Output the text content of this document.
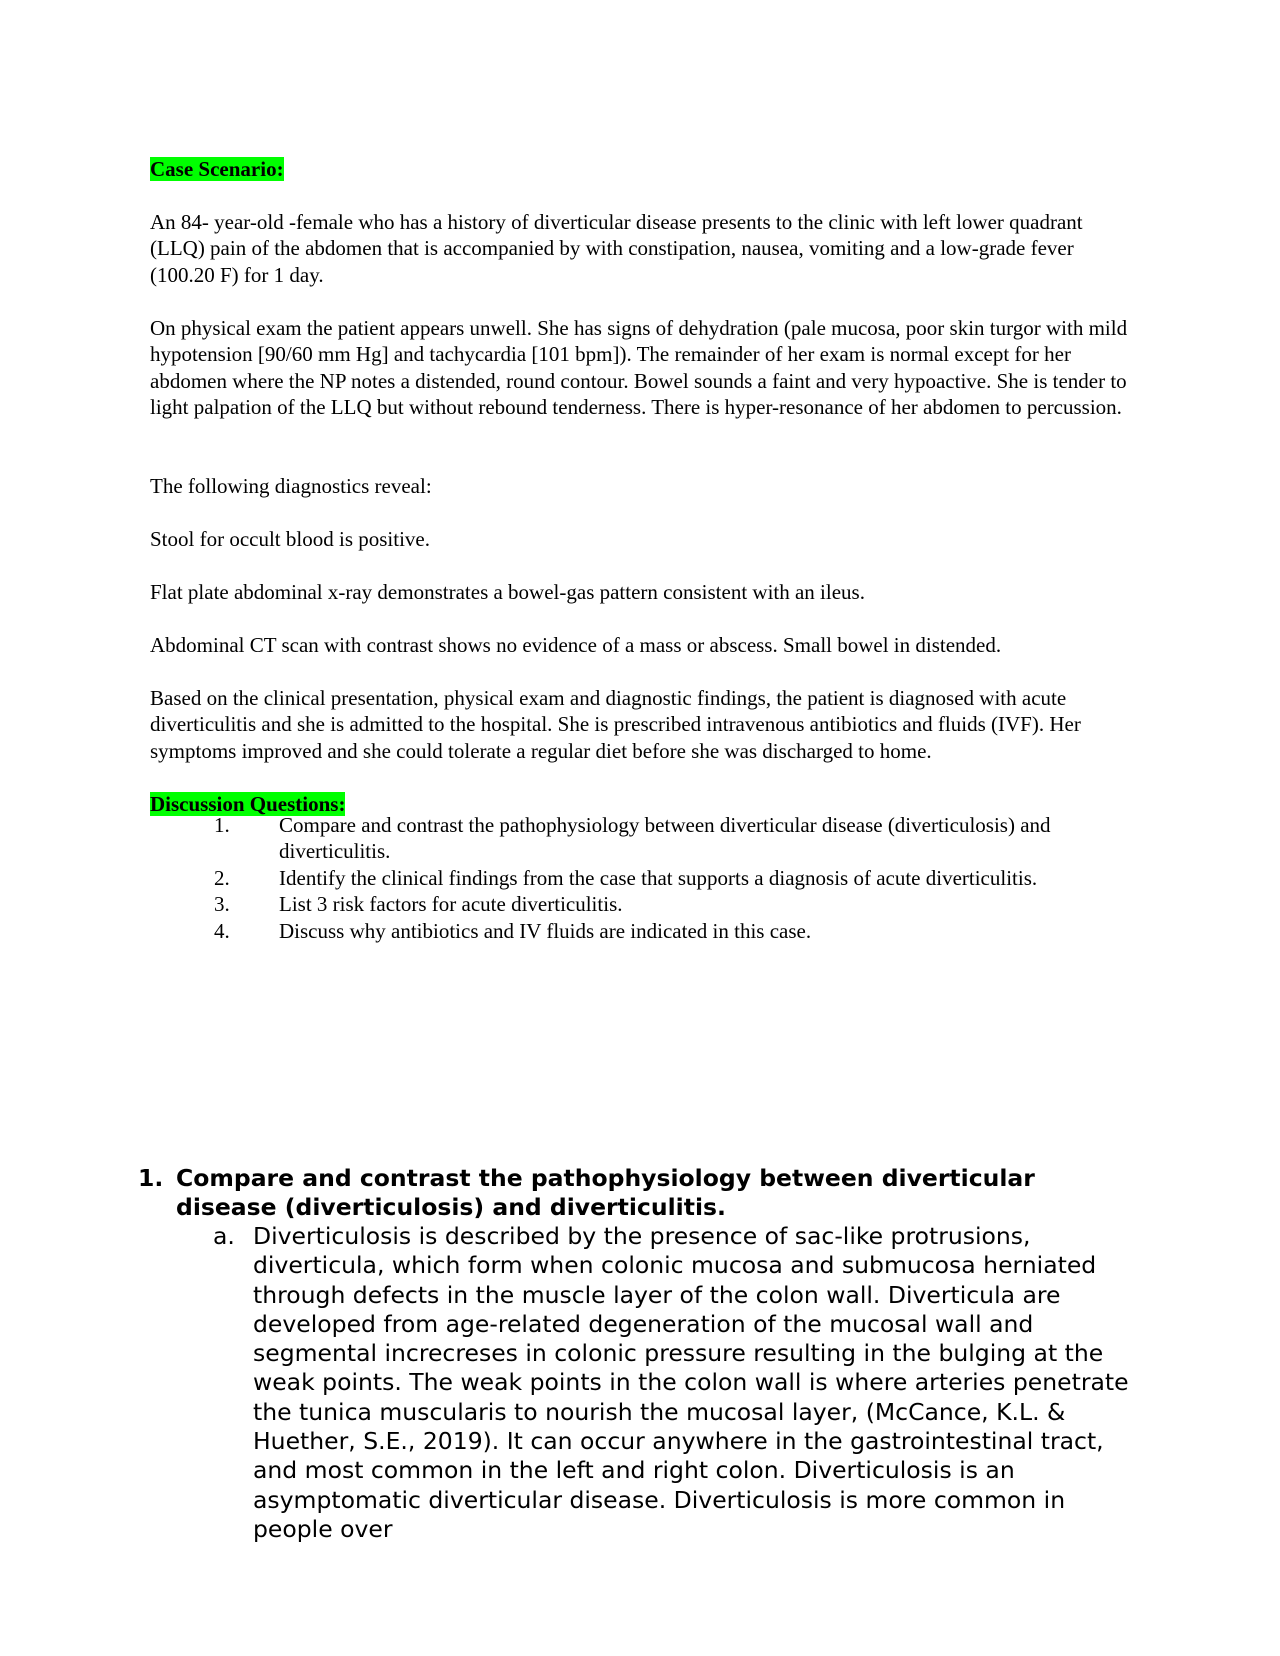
Case Scenario:

An 84- year-old -female who has a history of diverticular disease presents to the clinic with left lower quadrant (LLQ) pain of the abdomen that is accompanied by with constipation, nausea, vomiting and a low-grade fever (100.20 F) for 1 day.

On physical exam the patient appears unwell. She has signs of dehydration (pale mucosa, poor skin turgor with mild hypotension [90/60 mm Hg] and tachycardia [101 bpm]). The remainder of her exam is normal except for her abdomen where the NP notes a distended, round contour. Bowel sounds a faint and very hypoactive. She is tender to light palpation of the LLQ but without rebound tenderness. There is hyper-resonance of her abdomen to percussion.

The following diagnostics reveal:

Stool for occult blood is positive.

Flat plate abdominal x-ray demonstrates a bowel-gas pattern consistent with an ileus.

Abdominal CT scan with contrast shows no evidence of a mass or abscess. Small bowel in distended.

Based on the clinical presentation, physical exam and diagnostic findings, the patient is diagnosed with acute diverticulitis and she is admitted to the hospital. She is prescribed intravenous antibiotics and fluids (IVF). Her symptoms improved and she could tolerate a regular diet before she was discharged to home.

Discussion Questions:

1. Compare and contrast the pathophysiology between diverticular disease (diverticulosis) and diverticulitis.
2. Identify the clinical findings from the case that supports a diagnosis of acute diverticulitis.
3. List 3 risk factors for acute diverticulitis.
4. Discuss why antibiotics and IV fluids are indicated in this case.
1. Compare and contrast the pathophysiology between diverticular disease (diverticulosis) and diverticulitis.
a. Diverticulosis is described by the presence of sac-like protrusions, diverticula, which form when colonic mucosa and submucosa herniated through defects in the muscle layer of the colon wall. Diverticula are developed from age-related degeneration of the mucosal wall and segmental increcreses in colonic pressure resulting in the bulging at the weak points. The weak points in the colon wall is where arteries penetrate the tunica muscularis to nourish the mucosal layer, (McCance, K.L. & Huether, S.E., 2019). It can occur anywhere in the gastrointestinal tract, and most common in the left and right colon. Diverticulosis is an asymptomatic diverticular disease. Diverticulosis is more common in people over
